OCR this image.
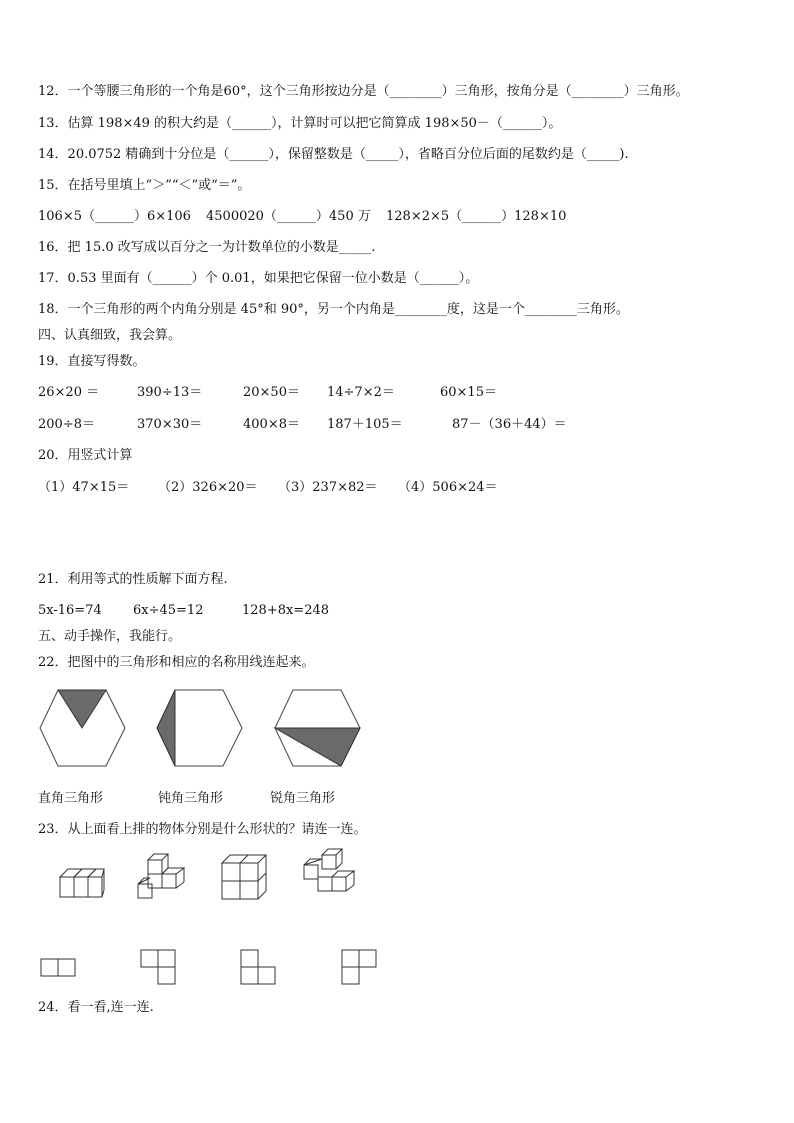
12．一个等腰三角形的一个角是60°，这个三角形按边分是（________）三角形，按角分是（________）三角形。
13．估算 198×49 的积大约是（______），计算时可以把它简算成 198×50－（______）。
14．20.0752 精确到十分位是（______），保留整数是（_____），省略百分位后面的尾数约是（_____).
15．在括号里填上“＞”“＜”或“＝”。
106×5（______）6×106 4500020（______）450 万 128×2×5（______）128×10
16．把 15.0 改写成以百分之一为计数单位的小数是_____.
17．0.53 里面有（______）个 0.01，如果把它保留一位小数是（______）。
18．一个三角形的两个内角分别是 45°和 90°，另一个内角是________度，这是一个________三角形。
四、认真细致，我会算。
19．直接写得数。
26×20 ＝	390÷13＝	20×50＝ 14÷7×2＝	60×15＝
200÷8＝	370×30＝	400×8＝ 187＋105＝	87－（36＋44）＝
20．用竖式计算
（1）47×15＝ （2）326×20＝ （3）237×82＝ （4）506×24＝
21．利用等式的性质解下面方程.
5x-16=74 6x÷45=12	128+8x=248
五、动手操作，我能行。
22．把图中的三角形和相应的名称用线连起来。
直角三角形	钝角三角形	锐角三角形
23．从上面看上排的物体分别是什么形状的？请连一连。
24．看一看,连一连.
